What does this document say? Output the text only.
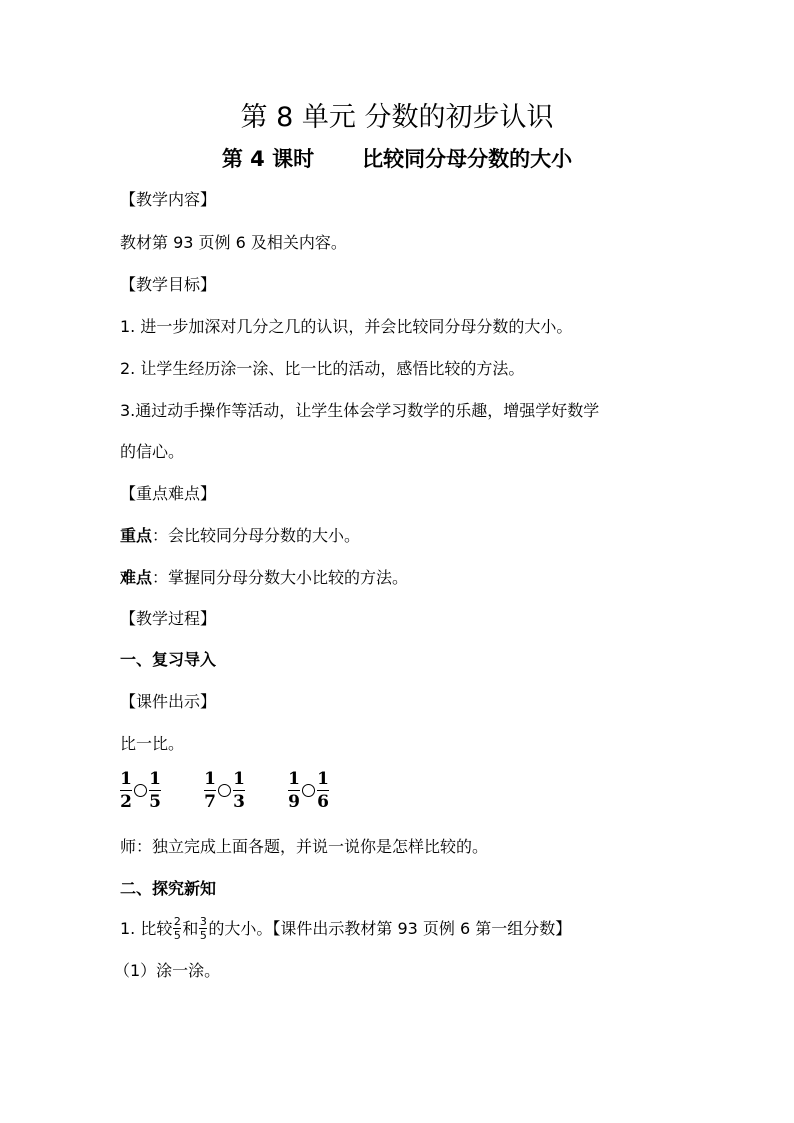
第 8 单元 分数的初步认识
第 4 课时 比较同分母分数的大小
【教学内容】
教材第 93 页例 6 及相关内容。
【教学目标】
1. 进一步加深对几分之几的认识，并会比较同分母分数的大小。
2. 让学生经历涂一涂、比一比的活动，感悟比较的方法。
3.通过动手操作等活动，让学生体会学习数学的乐趣，增强学好数学
的信心。
【重点难点】
重点：会比较同分母分数的大小。
难点：掌握同分母分数大小比较的方法。
【教学过程】
一、复习导入
【课件出示】
比一比。
$\frac{1}{2} \frac{1}{5}$	$\frac{1}{7} \frac{1}{3}$	$\frac{1}{9} \frac{1}{6}$
师：独立完成上面各题，并说一说你是怎样比较的。
二、探究新知
1. 比较 $\frac{2}{5}$ 和 $\frac{3}{5}$ 的大小。【课件出示教材第 93 页例 6 第一组分数】
（1）涂一涂。
